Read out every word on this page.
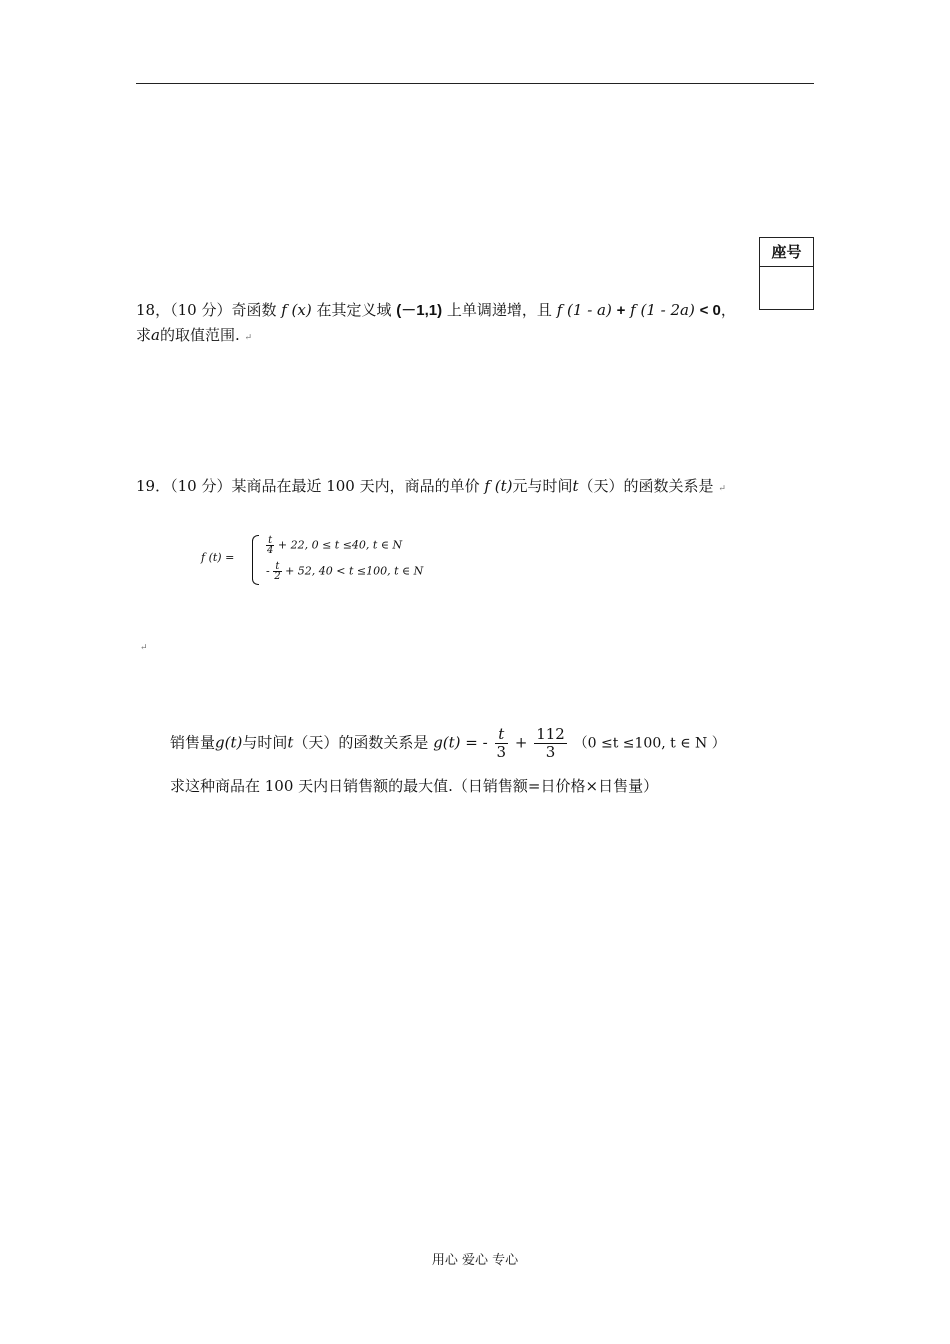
座号
18，（10 分）奇函数 f (x) 在其定义域 (－1,1) 上单调递增，且 f (1 - a) + f (1 - 2a) < 0，
求a的取值范围. ↵
19．（10 分）某商品在最近 100 天内，商品的单价 f (t)元与时间t（天）的函数关系是 ↵
f (t) =
$\frac{t}{4} + 22$, 0 ≤ t ≤40, t ∈ N
- $\frac{t}{2} + 52$, 40 < t ≤100, t ∈ N
↵
销售量g(t)与时间t（天）的函数关系是 g(t) = - $\frac{t}{3} + \frac{112}{3} (0 \le t \le 100$, t ∈ N ）
求这种商品在 100 天内日销售额的最大值.（日销售额=日价格×日售量）
用心 爱心 专心
